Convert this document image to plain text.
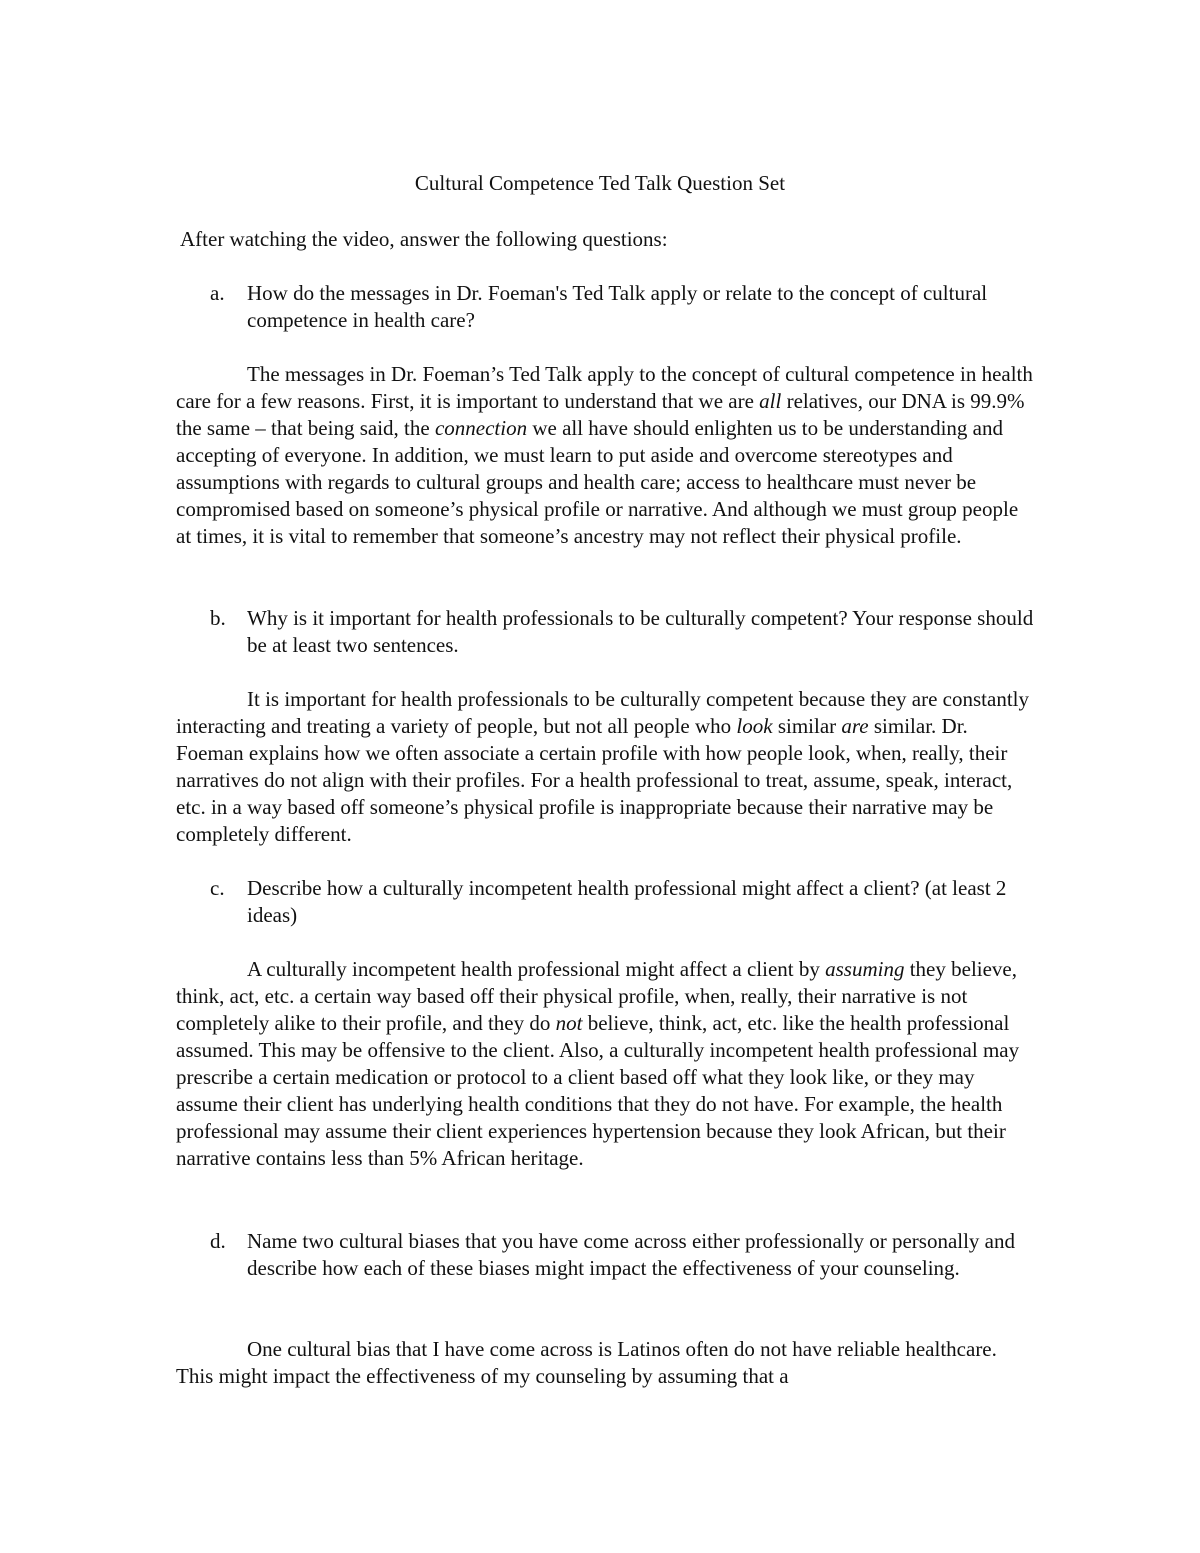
Cultural Competence Ted Talk Question Set

After watching the video, answer the following questions:

a. How do the messages in Dr. Foeman's Ted Talk apply or relate to the concept of cultural competence in health care?

The messages in Dr. Foeman’s Ted Talk apply to the concept of cultural competence in health care for a few reasons. First, it is important to understand that we are all relatives, our DNA is 99.9% the same – that being said, the connection we all have should enlighten us to be understanding and accepting of everyone. In addition, we must learn to put aside and overcome stereotypes and assumptions with regards to cultural groups and health care; access to healthcare must never be compromised based on someone’s physical profile or narrative. And although we must group people at times, it is vital to remember that someone’s ancestry may not reflect their physical profile.

b. Why is it important for health professionals to be culturally competent? Your response should be at least two sentences.

It is important for health professionals to be culturally competent because they are constantly interacting and treating a variety of people, but not all people who look similar are similar. Dr. Foeman explains how we often associate a certain profile with how people look, when, really, their narratives do not align with their profiles. For a health professional to treat, assume, speak, interact, etc. in a way based off someone’s physical profile is inappropriate because their narrative may be completely different.

c. Describe how a culturally incompetent health professional might affect a client? (at least 2 ideas)

A culturally incompetent health professional might affect a client by assuming they believe, think, act, etc. a certain way based off their physical profile, when, really, their narrative is not completely alike to their profile, and they do not believe, think, act, etc. like the health professional assumed. This may be offensive to the client. Also, a culturally incompetent health professional may prescribe a certain medication or protocol to a client based off what they look like, or they may assume their client has underlying health conditions that they do not have. For example, the health professional may assume their client experiences hypertension because they look African, but their narrative contains less than 5% African heritage.

d. Name two cultural biases that you have come across either professionally or personally and describe how each of these biases might impact the effectiveness of your counseling.

One cultural bias that I have come across is Latinos often do not have reliable healthcare. This might impact the effectiveness of my counseling by assuming that a
